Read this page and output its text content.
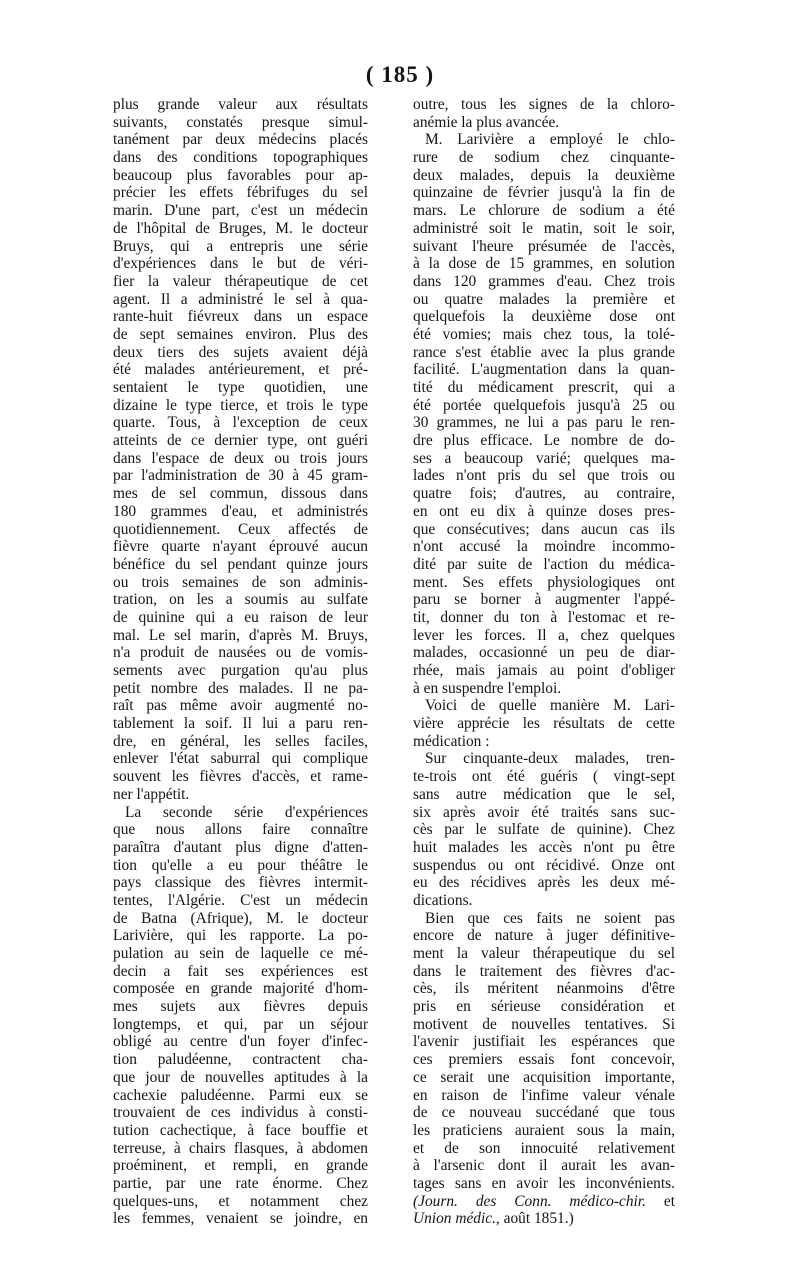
( 185 )
plus grande valeur aux résultats
suivants, constatés presque simul-
tanément par deux médecins placés
dans des conditions topographiques
beaucoup plus favorables pour ap-
précier les effets fébrifuges du sel
marin. D'une part, c'est un médecin
de l'hôpital de Bruges, M. le docteur
Bruys, qui a entrepris une série
d'expériences dans le but de véri-
fier la valeur thérapeutique de cet
agent. Il a administré le sel à qua-
rante-huit fiévreux dans un espace
de sept semaines environ. Plus des
deux tiers des sujets avaient déjà
été malades antérieurement, et pré-
sentaient le type quotidien, une
dizaine le type tierce, et trois le type
quarte. Tous, à l'exception de ceux
atteints de ce dernier type, ont guéri
dans l'espace de deux ou trois jours
par l'administration de 30 à 45 gram-
mes de sel commun, dissous dans
180 grammes d'eau, et administrés
quotidiennement. Ceux affectés de
fièvre quarte n'ayant éprouvé aucun
bénéfice du sel pendant quinze jours
ou trois semaines de son adminis-
tration, on les a soumis au sulfate
de quinine qui a eu raison de leur
mal. Le sel marin, d'après M. Bruys,
n'a produit de nausées ou de vomis-
sements avec purgation qu'au plus
petit nombre des malades. Il ne pa-
raît pas même avoir augmenté no-
tablement la soif. Il lui a paru ren-
dre, en général, les selles faciles,
enlever l'état saburral qui complique
souvent les fièvres d'accès, et rame-
ner l'appétit.
La seconde série d'expériences
que nous allons faire connaître
paraîtra d'autant plus digne d'atten-
tion qu'elle a eu pour théâtre le
pays classique des fièvres intermit-
tentes, l'Algérie. C'est un médecin
de Batna (Afrique), M. le docteur
Larivière, qui les rapporte. La po-
pulation au sein de laquelle ce mé-
decin a fait ses expériences est
composée en grande majorité d'hom-
mes sujets aux fièvres depuis
longtemps, et qui, par un séjour
obligé au centre d'un foyer d'infec-
tion paludéenne, contractent cha-
que jour de nouvelles aptitudes à la
cachexie paludéenne. Parmi eux se
trouvaient de ces individus à consti-
tution cachectique, à face bouffie et
terreuse, à chairs flasques, à abdomen
proéminent, et rempli, en grande
partie, par une rate énorme. Chez
quelques-uns, et notamment chez
les femmes, venaient se joindre, en
outre, tous les signes de la chloro-
anémie la plus avancée.
M. Larivière a employé le chlo-
rure de sodium chez cinquante-
deux malades, depuis la deuxième
quinzaine de février jusqu'à la fin de
mars. Le chlorure de sodium a été
administré soit le matin, soit le soir,
suivant l'heure présumée de l'accès,
à la dose de 15 grammes, en solution
dans 120 grammes d'eau. Chez trois
ou quatre malades la première et
quelquefois la deuxième dose ont
été vomies; mais chez tous, la tolé-
rance s'est établie avec la plus grande
facilité. L'augmentation dans la quan-
tité du médicament prescrit, qui a
été portée quelquefois jusqu'à 25 ou
30 grammes, ne lui a pas paru le ren-
dre plus efficace. Le nombre de do-
ses a beaucoup varié; quelques ma-
lades n'ont pris du sel que trois ou
quatre fois; d'autres, au contraire,
en ont eu dix à quinze doses pres-
que consécutives; dans aucun cas ils
n'ont accusé la moindre incommo-
dité par suite de l'action du médica-
ment. Ses effets physiologiques ont
paru se borner à augmenter l'appé-
tit, donner du ton à l'estomac et re-
lever les forces. Il a, chez quelques
malades, occasionné un peu de diar-
rhée, mais jamais au point d'obliger
à en suspendre l'emploi.
Voici de quelle manière M. Lari-
vière apprécie les résultats de cette
médication :
Sur cinquante-deux malades, tren-
te-trois ont été guéris ( vingt-sept
sans autre médication que le sel,
six après avoir été traités sans suc-
cès par le sulfate de quinine). Chez
huit malades les accès n'ont pu être
suspendus ou ont récidivé. Onze ont
eu des récidives après les deux mé-
dications.
Bien que ces faits ne soient pas
encore de nature à juger définitive-
ment la valeur thérapeutique du sel
dans le traitement des fièvres d'ac-
cès, ils méritent néanmoins d'être
pris en sérieuse considération et
motivent de nouvelles tentatives. Si
l'avenir justifiait les espérances que
ces premiers essais font concevoir,
ce serait une acquisition importante,
en raison de l'infime valeur vénale
de ce nouveau succédané que tous
les praticiens auraient sous la main,
et de son innocuité relativement
à l'arsenic dont il aurait les avan-
tages sans en avoir les inconvénients.
(Journ. des Conn. médico-chir. et
Union médic., août 1851.)
